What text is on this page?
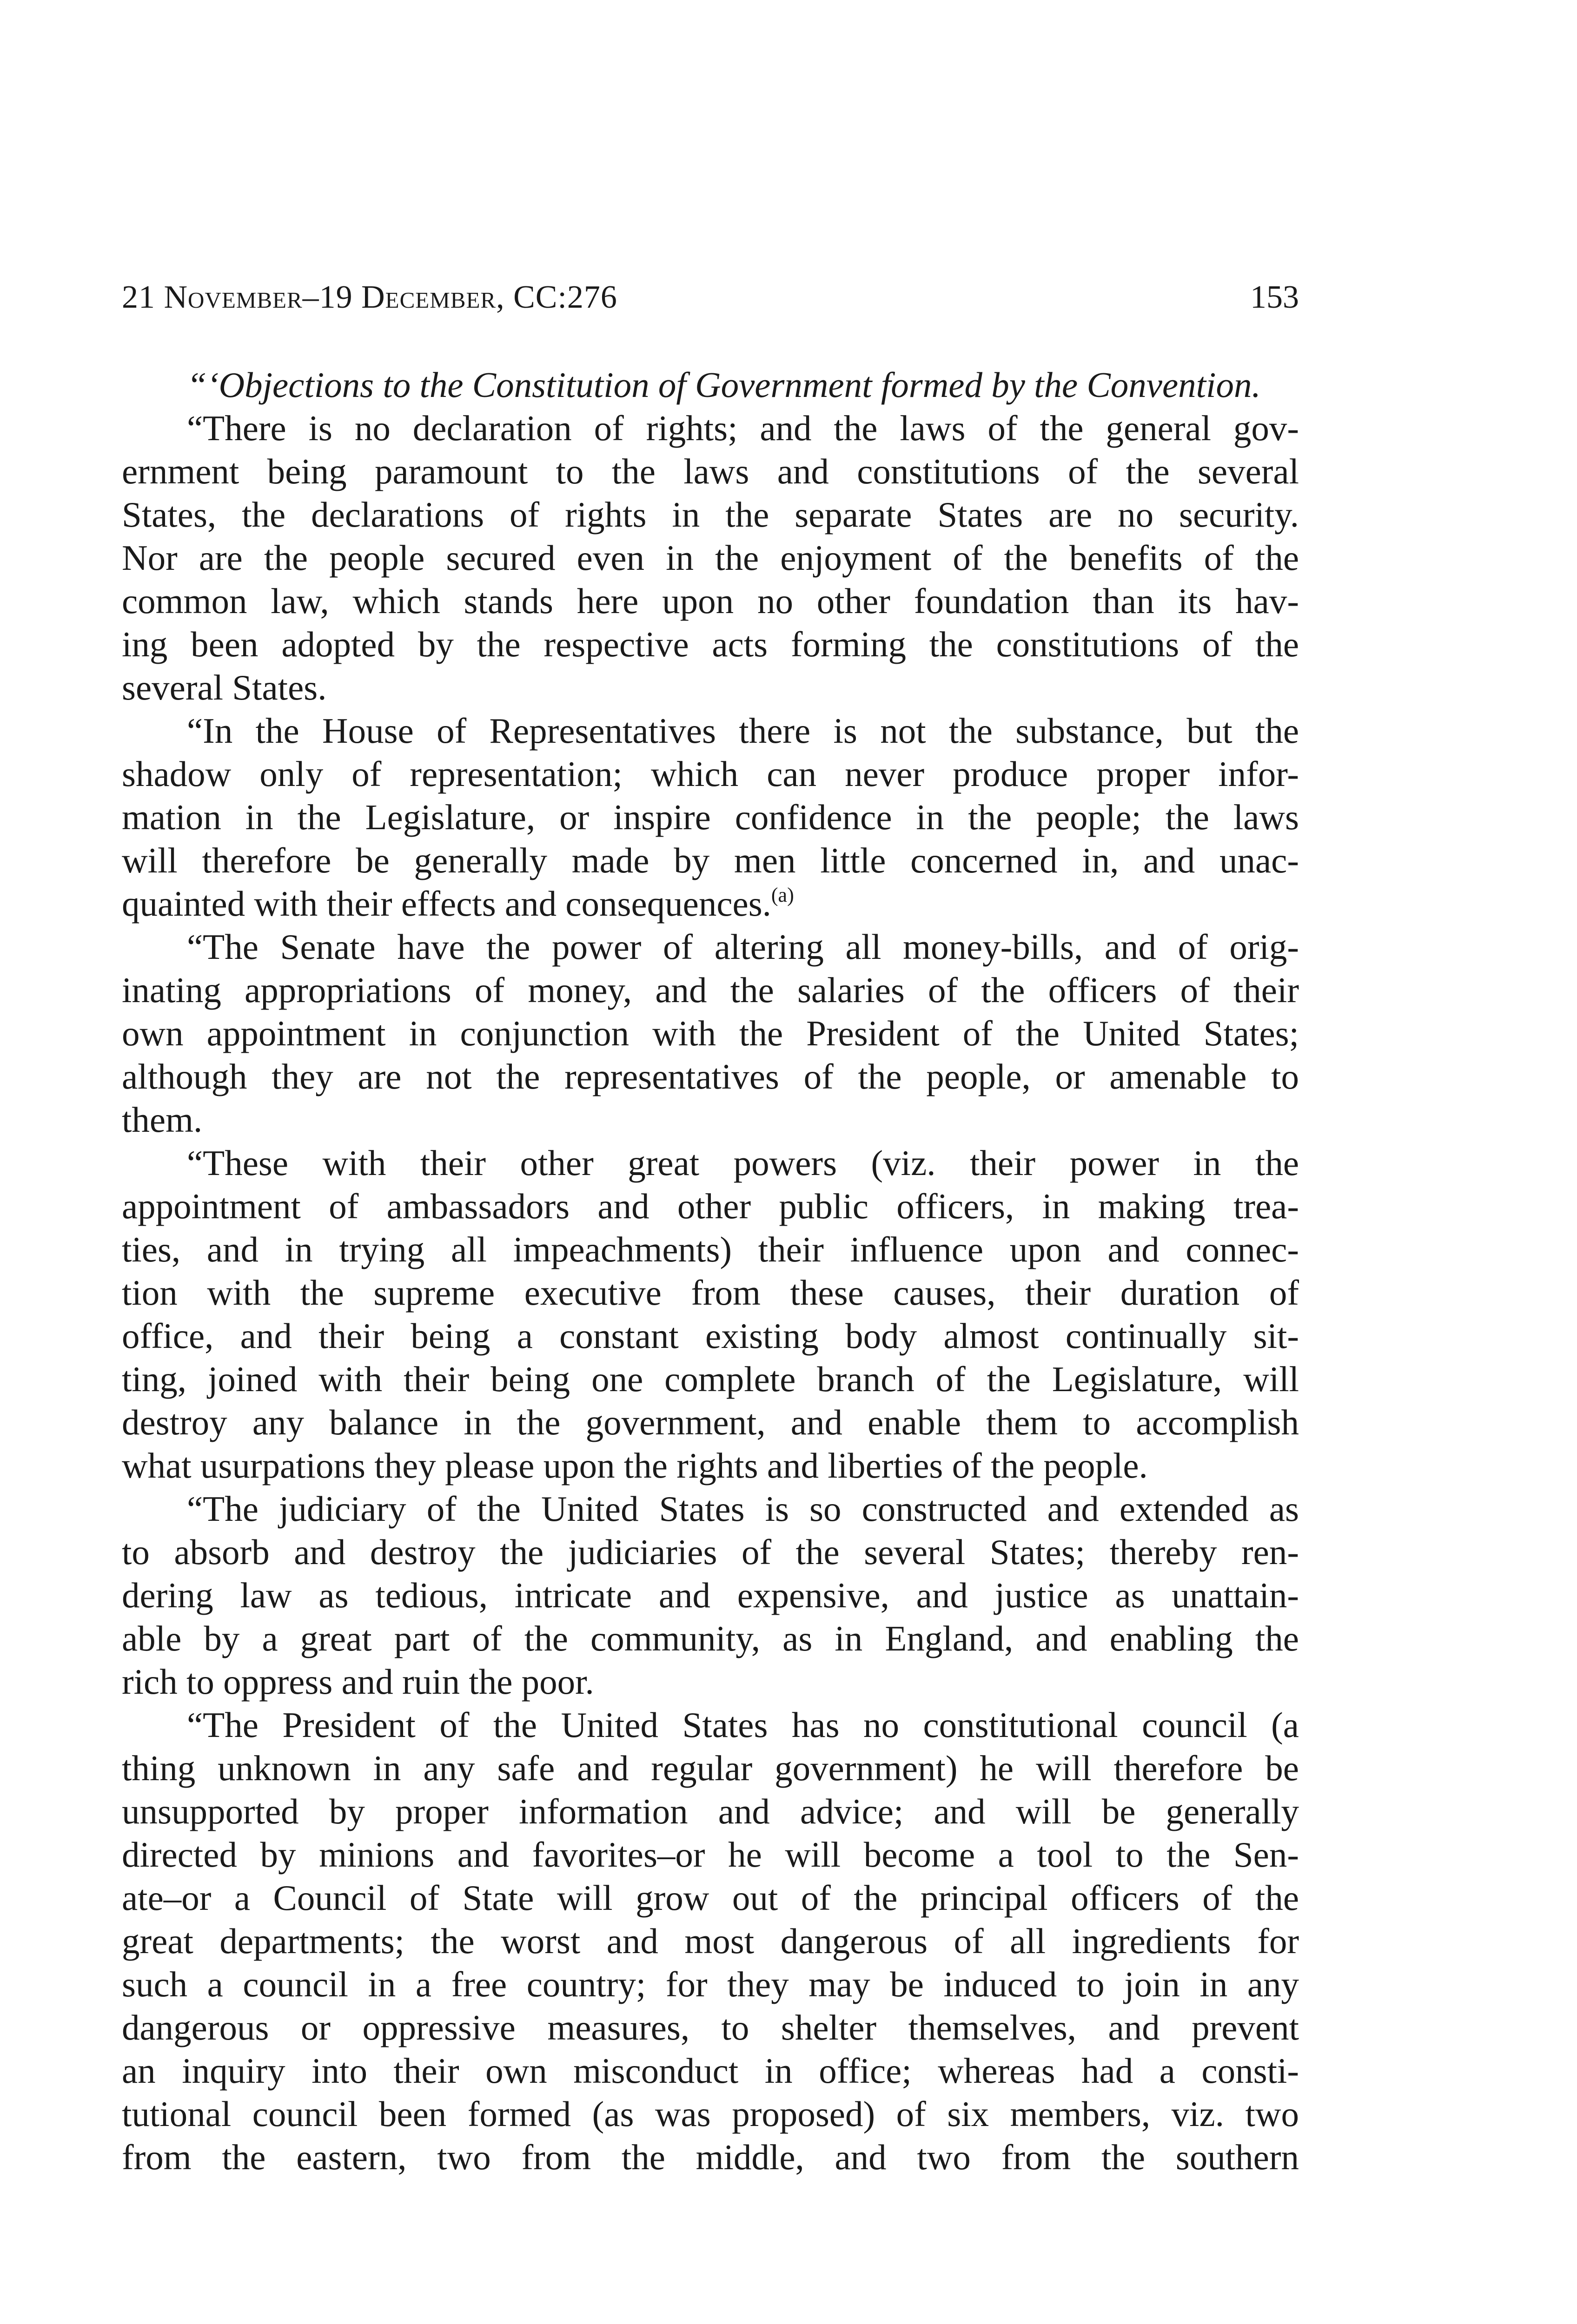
21 November–19 December, CC:276	153
“‘Objections to the Constitution of Government formed by the Convention.
“There is no declaration of rights; and the laws of the general gov-
ernment being paramount to the laws and constitutions of the several
States, the declarations of rights in the separate States are no security.
Nor are the people secured even in the enjoyment of the benefits of the
common law, which stands here upon no other foundation than its hav-
ing been adopted by the respective acts forming the constitutions of the
several States.
“In the House of Representatives there is not the substance, but the
shadow only of representation; which can never produce proper infor-
mation in the Legislature, or inspire confidence in the people; the laws
will therefore be generally made by men little concerned in, and unac-
quainted with their effects and consequences.$^{(a)}$
“The Senate have the power of altering all money-bills, and of orig-
inating appropriations of money, and the salaries of the officers of their
own appointment in conjunction with the President of the United States;
although they are not the representatives of the people, or amenable to
them.
“These with their other great powers (viz. their power in the
appointment of ambassadors and other public officers, in making trea-
ties, and in trying all impeachments) their influence upon and connec-
tion with the supreme executive from these causes, their duration of
office, and their being a constant existing body almost continually sit-
ting, joined with their being one complete branch of the Legislature, will
destroy any balance in the government, and enable them to accomplish
what usurpations they please upon the rights and liberties of the people.
“The judiciary of the United States is so constructed and extended as
to absorb and destroy the judiciaries of the several States; thereby ren-
dering law as tedious, intricate and expensive, and justice as unattain-
able by a great part of the community, as in England, and enabling the
rich to oppress and ruin the poor.
“The President of the United States has no constitutional council (a
thing unknown in any safe and regular government) he will therefore be
unsupported by proper information and advice; and will be generally
directed by minions and favorites–or he will become a tool to the Sen-
ate–or a Council of State will grow out of the principal officers of the
great departments; the worst and most dangerous of all ingredients for
such a council in a free country; for they may be induced to join in any
dangerous or oppressive measures, to shelter themselves, and prevent
an inquiry into their own misconduct in office; whereas had a consti-
tutional council been formed (as was proposed) of six members, viz. two
from the eastern, two from the middle, and two from the southern
